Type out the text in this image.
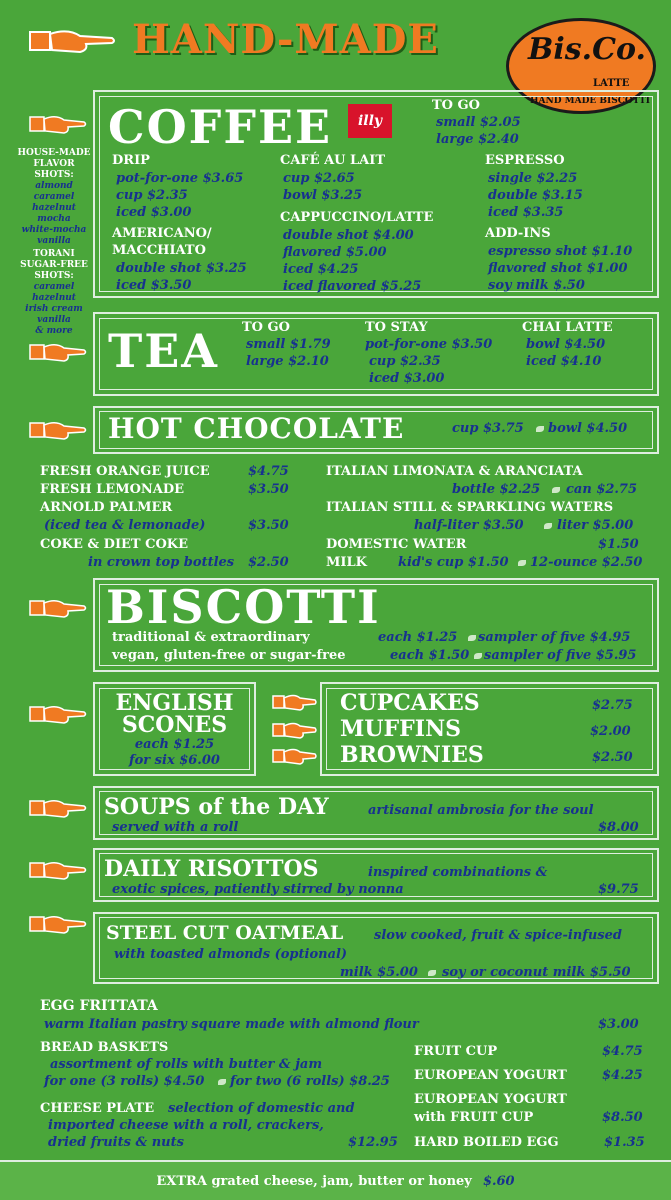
HAND-MADE	Bis.Co.
LATTE
HAND MADE BISCOTTI
HOUSE-MADE FLAVOR SHOTS:
almond
caramel
hazelnut
mocha
white-mocha
vanilla
TORANI SUGAR-FREE SHOTS:
caramel
hazelnut
irish cream
vanilla
& more
COFFEE	illy
TO GO
small $2.05
large $2.40
DRIP
pot-for-one $3.65
cup $2.35
iced $3.00
AMERICANO/
MACCHIATO
double shot $3.25
iced $3.50
CAFÉ AU LAIT
cup $2.65
bowl $3.25
CAPPUCCINO/LATTE
double shot $4.00
flavored $5.00
iced $4.25
iced flavored $5.25
ESPRESSO
single $2.25
double $3.15
iced $3.35
ADD-INS
espresso shot $1.10
flavored shot $1.00
soy milk $.50
TEA TO GO
small $1.79
large $2.10
TO STAY
pot-for-one $3.50
cup $2.35
iced $3.00
CHAI LATTE
bowl $4.50
iced $4.10
HOT CHOCOLATE	cup $3.75 bowl $4.50
FRESH ORANGE JUICE	$4.75
FRESH LEMONADE	$3.50
ARNOLD PALMER
(iced tea & lemonade)	$3.50
COKE & DIET COKE
in crown top bottles $2.50
ITALIAN LIMONATA & ARANCIATA
bottle $2.25 can $2.75
ITALIAN STILL & SPARKLING WATERS
half-liter $3.50	liter $5.00
DOMESTIC WATER	$1.50
MILK kid's cup $1.50 12-ounce $2.50
BISCOTTI
traditional & extraordinary
vegan, gluten-free or sugar-free
each $1.25 sampler of five $4.95
each $1.50 sampler of five $5.95
ENGLISH
SCONES
each $1.25
for six $6.00
CUPCAKES	$2.75
MUFFINS	$2.00
BROWNIES	$2.50
SOUPS of the DAY	artisanal ambrosia for the soul
served with a roll	$8.00
DAILY RISOTTOS	inspired combinations &
exotic spices, patiently stirred by nonna	$9.75
STEEL CUT OATMEAL slow cooked, fruit & spice-infused
with toasted almonds (optional)
milk $5.00 soy or coconut milk $5.50
EGG FRITTATA
warm Italian pastry square made with almond flour	$3.00
BREAD BASKETS
assortment of rolls with butter & jam
for one (3 rolls) $4.50 for two (6 rolls) $8.25
CHEESE PLATE selection of domestic and
imported cheese with a roll, crackers,
dried fruits & nuts	$12.95
FRUIT CUP	$4.75
EUROPEAN YOGURT	$4.25
EUROPEAN YOGURT
with FRUIT CUP	$8.50
HARD BOILED EGG	$1.35
EXTRA grated cheese, jam, butter or honey $.60
